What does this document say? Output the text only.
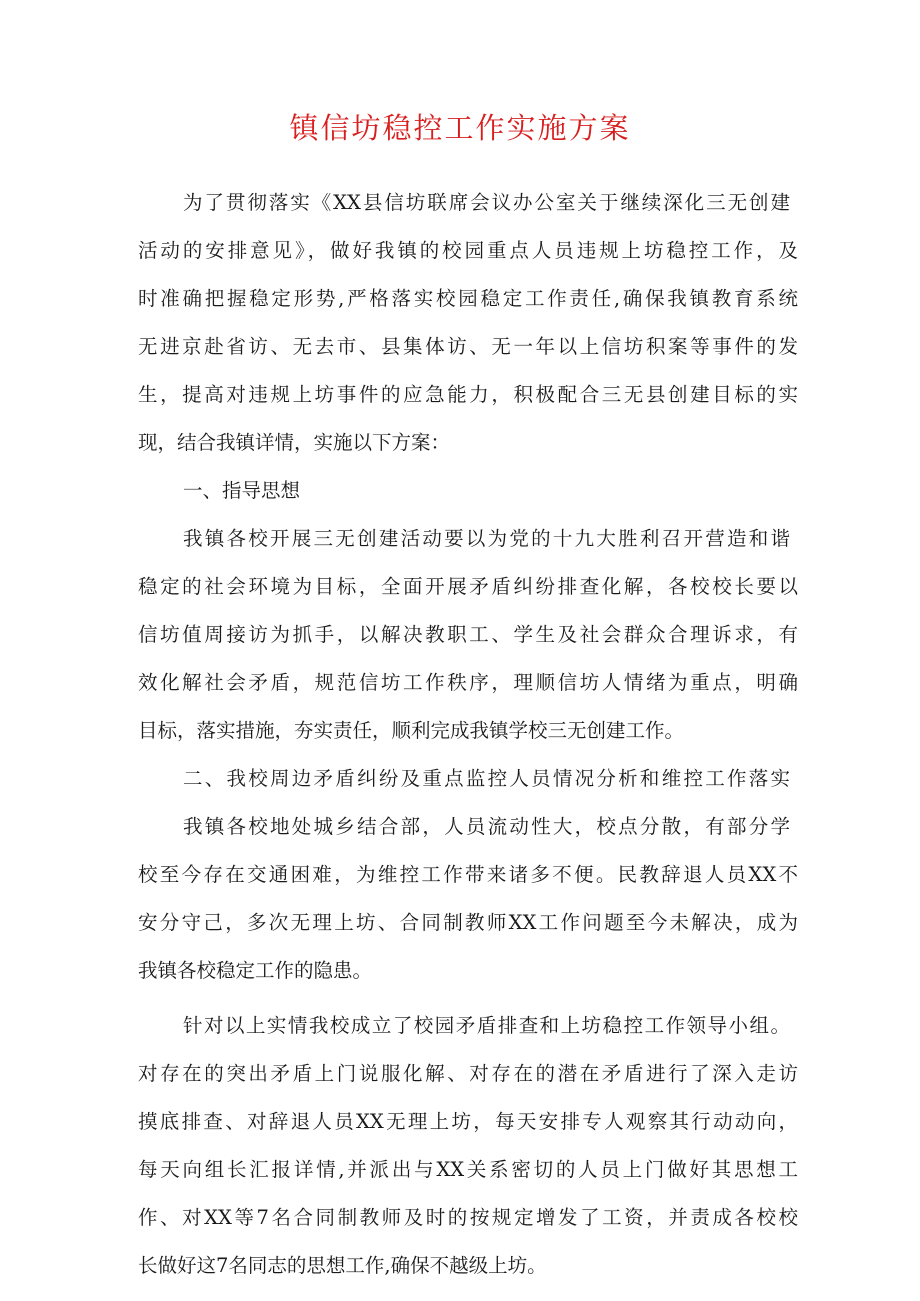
镇信坊稳控工作实施方案
为了贯彻落实《XX县信坊联席会议办公室关于继续深化三无创建
活动的安排意见》，做好我镇的校园重点人员违规上坊稳控工作，及
时准确把握稳定形势,严格落实校园稳定工作责任,确保我镇教育系统
无进京赴省访、无去市、县集体访、无一年以上信坊积案等事件的发
生，提高对违规上坊事件的应急能力，积极配合三无县创建目标的实
现，结合我镇详情，实施以下方案：
一、指导思想
我镇各校开展三无创建活动要以为党的十九大胜利召开营造和谐
稳定的社会环境为目标，全面开展矛盾纠纷排查化解，各校校长要以
信坊值周接访为抓手，以解决教职工、学生及社会群众合理诉求，有
效化解社会矛盾，规范信坊工作秩序，理顺信坊人情绪为重点，明确
目标，落实措施，夯实责任，顺利完成我镇学校三无创建工作。
二、我校周边矛盾纠纷及重点监控人员情况分析和维控工作落实
我镇各校地处城乡结合部，人员流动性大，校点分散，有部分学
校至今存在交通困难，为维控工作带来诸多不便。民教辞退人员XX不
安分守己，多次无理上坊、合同制教师XX工作问题至今未解决，成为
我镇各校稳定工作的隐患。
针对以上实情我校成立了校园矛盾排查和上坊稳控工作领导小组。
对存在的突出矛盾上门说服化解、对存在的潜在矛盾进行了深入走访
摸底排查、对辞退人员XX无理上坊，每天安排专人观察其行动动向，
每天向组长汇报详情,并派出与XX关系密切的人员上门做好其思想工
作、对XX等7名合同制教师及时的按规定增发了工资，并责成各校校
长做好这7名同志的思想工作,确保不越级上坊。
